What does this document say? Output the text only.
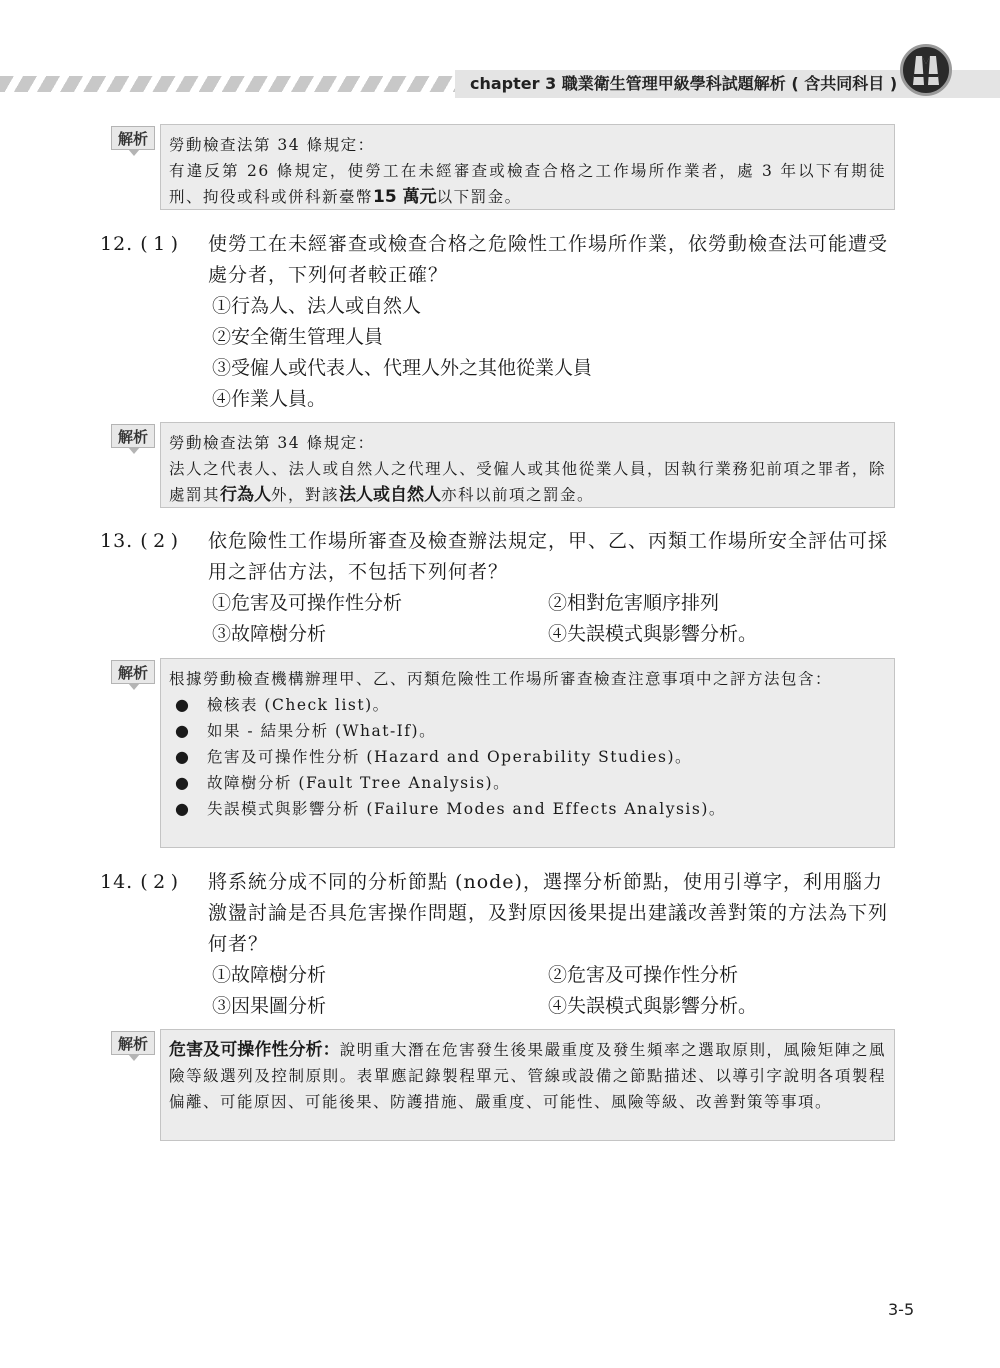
chapter 3 職業衛生管理甲級學科試題解析 ( 含共同科目 )
解析	勞動檢查法第 34 條規定：

有違反第 26 條規定，使勞工在未經審查或檢查合格之工作場所作業者，處 3 年以下有期徒刑、拘役或科或併科新臺幣15 萬元以下罰金。

12. ( 1 ) 使勞工在未經審查或檢查合格之危險性工作場所作業，依勞動檢查法可能遭受處分者，下列何者較正確？
①行為人、法人或自然人
②安全衛生管理人員
③受僱人或代表人、代理人外之其他從業人員
④作業人員。
解析	勞動檢查法第 34 條規定：

法人之代表人、法人或自然人之代理人、受僱人或其他從業人員，因執行業務犯前項之罪者，除處罰其行為人外，對該法人或自然人亦科以前項之罰金。

13. ( 2 ) 依危險性工作場所審查及檢查辦法規定，甲、乙、丙類工作場所安全評估可採用之評估方法，不包括下列何者？
①危害及可操作性分析	②相對危害順序排列
③故障樹分析	④失誤模式與影響分析。
解析	根據勞動檢查機構辦理甲、乙、丙類危險性工作場所審查檢查注意事項中之評方法包含：

● 檢核表 (Check list)。
● 如果 - 結果分析 (What-If)。
● 危害及可操作性分析 (Hazard and Operability Studies)。
● 故障樹分析 (Fault Tree Analysis)。
● 失誤模式與影響分析 (Failure Modes and Effects Analysis)。
14. ( 2 ) 將系統分成不同的分析節點 (node)，選擇分析節點，使用引導字，利用腦力激盪討論是否具危害操作問題，及對原因後果提出建議改善對策的方法為下列何者？
①故障樹分析	②危害及可操作性分析
③因果圖分析	④失誤模式與影響分析。
解析	危害及可操作性分析：說明重大潛在危害發生後果嚴重度及發生頻率之選取原則，風險矩陣之風險等級選列及控制原則。表單應記錄製程單元、管線或設備之節點描述、以導引字說明各項製程偏離、可能原因、可能後果、防護措施、嚴重度、可能性、風險等級、改善對策等事項。

3-5
